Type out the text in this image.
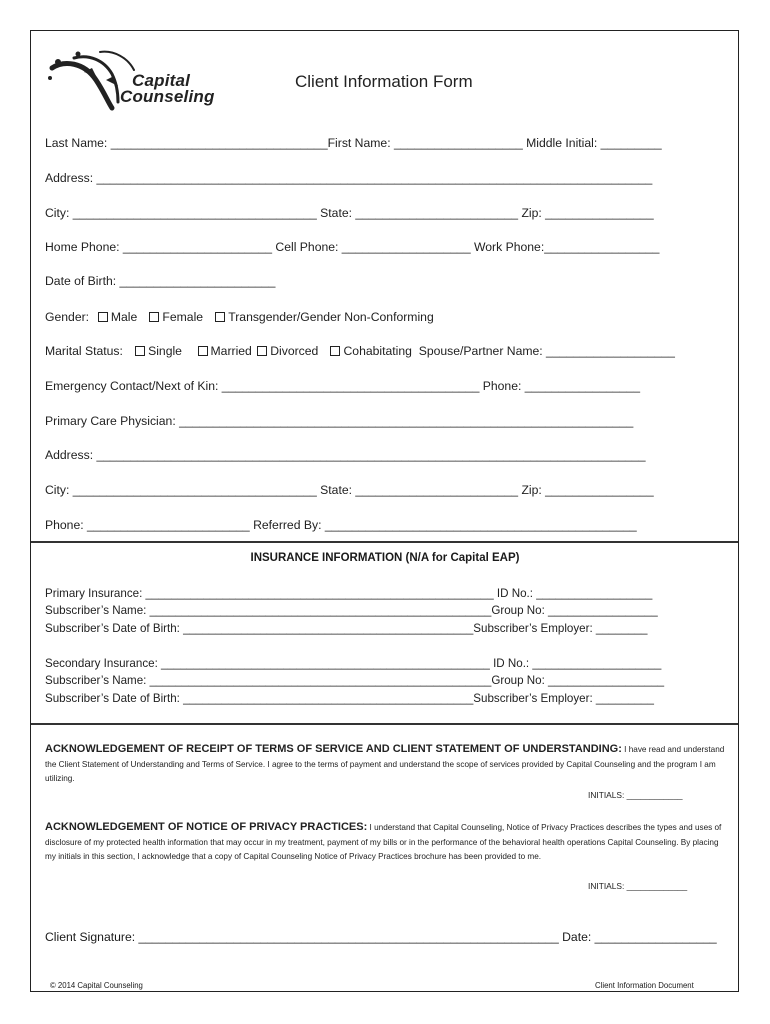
Capital
Counseling
Client Information Form
Last Name: ________________________________First Name: ___________________ Middle Initial: _________
Address: __________________________________________________________________________________
City: ____________________________________ State: ________________________ Zip: ________________
Home Phone: ______________________ Cell Phone: ___________________ Work Phone:_________________
Date of Birth: _______________________
Gender: Male Female Transgender/Gender Non-Conforming
Marital Status: Single Married Divorced Cohabitating Spouse/Partner Name: ___________________
Emergency Contact/Next of Kin: ______________________________________ Phone: _________________
Primary Care Physician: ___________________________________________________________________
Address: _________________________________________________________________________________
City: ____________________________________ State: ________________________ Zip: ________________
Phone: ________________________ Referred By: ______________________________________________
INSURANCE INFORMATION (N/A for Capital EAP)
Primary Insurance: ______________________________________________________ ID No.: __________________
Subscriber’s Name: _____________________________________________________Group No: _________________
Subscriber’s Date of Birth: _____________________________________________Subscriber’s Employer: ________
Secondary Insurance: ___________________________________________________ ID No.: ____________________
Subscriber’s Name: _____________________________________________________Group No: __________________
Subscriber’s Date of Birth: _____________________________________________Subscriber’s Employer: _________
ACKNOWLEDGEMENT OF RECEIPT OF TERMS OF SERVICE AND CLIENT STATEMENT OF UNDERSTANDING: I have read and understand the Client Statement of Understanding and Terms of Service. I agree to the terms of payment and understand the scope of services provided by Capital Counseling and the program I am utilizing.
INITIALS: ____________
ACKNOWLEDGEMENT OF NOTICE OF PRIVACY PRACTICES: I understand that Capital Counseling, Notice of Privacy Practices describes the types and uses of disclosure of my protected health information that may occur in my treatment, payment of my bills or in the performance of the behavioral health operations Capital Counseling. By placing my initials in this section, I acknowledge that a copy of Capital Counseling Notice of Privacy Practices brochure has been provided to me.
INITIALS: _____________
Client Signature: ______________________________________________________________ Date: __________________
© 2014 Capital Counseling	Client Information Document
